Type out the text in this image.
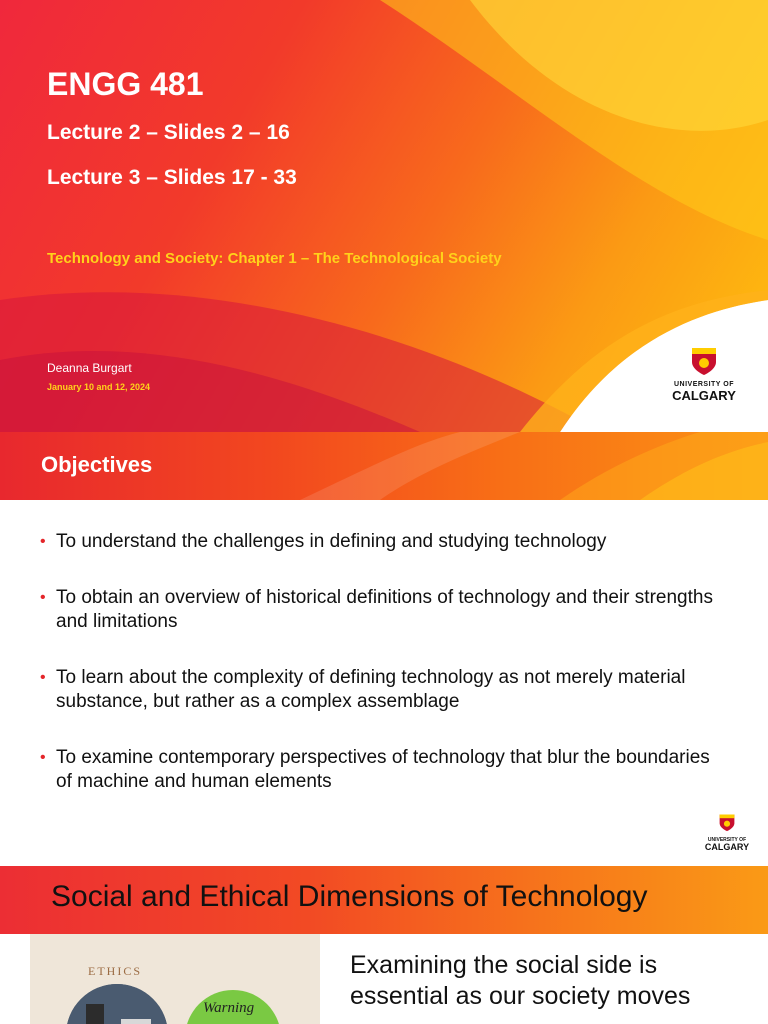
ENGG 481
Lecture 2 – Slides 2 – 16
Lecture 3 – Slides 17 - 33
Technology and Society: Chapter 1 – The Technological Society
Deanna Burgart
January 10 and 12, 2024	UNIVERSITY OF
CALGARY
Objectives
• To understand the challenges in defining and studying technology
• To obtain an overview of historical definitions of technology and their strengths and limitations
• To learn about the complexity of defining technology as not merely material substance, but rather as a complex assemblage
• To examine contemporary perspectives of technology that blur the boundaries of machine and human elements
UNIVERSITY OF
CALGARY
Social and Ethical Dimensions of Technology
ETHICS
Warning
Examining the social side is essential as our society moves
